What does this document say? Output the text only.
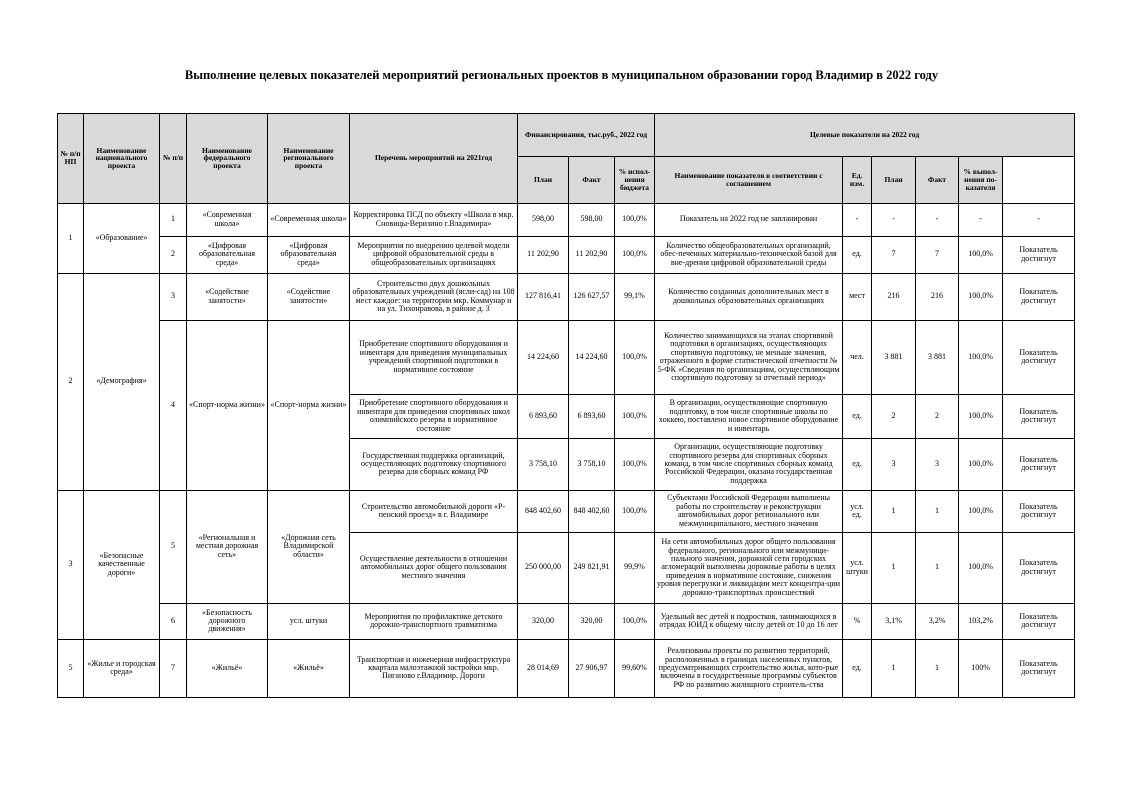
Выполнение целевых показателей мероприятий региональных проектов в муниципальном образовании город Владимир в 2022 году
№ п/п НП	Наименование национального проекта	№ п/п	Наименование федерального проекта	Наименование регионального проекта	Перечень мероприятий на 2021год	Финансирования, тыс.руб., 2022 год			Целевые показатели на 2022 год	
						План	Факт	% испол-нения бюджета	Наименование показателя в соответствии с соглашением	Ед. изм.	План	Факт	% выпол-нения по-казателя		
1	«Образование»	1	«Современная школа»	«Современная школа»	Корректировка ПСД по объекту «Школа в мкр. Сновицы-Веризино г.Владимира»	598,00	598,00	100,0%	Показатель на 2022 год не запланирован	-	-	-	-	-	
		2	«Цифровая образовательная среда»	«Цифровая образовательная среда»	Мероприятия по внедрению целевой модели цифровой образовательной среды в общеобразовательных организациях	11 202,90	11 202,90	100,0%	Количество общеобразовательных организаций, обес-печенных материально-технической базой для вне-дрения цифровой образовательной среды	ед.	7	7	100,0%	Показатель достигнут	
2	«Демография»	3	«Содействие занятости»	«Содействие занятости»	Строительство двух дошкольных образовательных учреждений (ясли-сад) на 108 мест каждое: на территории мкр. Коммунар и на ул. Тихонравова, в районе д. 3	127 816,41	126 627,57	99,1%	Количество созданных дополнительных мест в дошкольных образовательных организациях	мест	216	216	100,0%	Показатель достигнут	
		4	«Спорт-норма жизни»	«Спорт-норма жизни»	Приобретение спортивного оборудования и инвентаря для приведения муниципальных учреждений спортивной подготовки в нормативное состояние	14 224,60	14 224,60	100,0%	Количество занимающихся на этапах спортивной подготовки в организациях, осуществляющих спортивную подготовку, не меньше значения, отраженного в форме статистической отчетности № 5-ФК «Сведения по организациям, осуществляющим спортивную подготовку за отчетный период»	чел.	3 881	3 881	100,0%	Показатель достигнут	
					Приобретение спортивного оборудования и инвентаря для приведения спортивных школ олимпийского резерва в нормативное состояние	6 893,60	6 893,60	100,0%	В организации, осуществляющие спортивную подготовку, в том числе спортивные школы по хоккею, поставлено новое спортивное оборудование и инвентарь	ед.	2	2	100,0%	Показатель достигнут	
					Государственная поддержка организаций, осуществляющих подготовку спортивного резерва для сборных команд РФ	3 758,10	3 758,10	100,0%	Организации, осуществляющие подготовку спортивного резерва для спортивных сборных команд, в том числе спортивных сборных команд Российской Федерации, оказана государственная поддержка	ед.	3	3	100,0%	Показатель достигнут	
3	«Безопасные качественные дороги»	5	«Региональная и местная дорожная сеть»	«Дорожная сеть Владимирской области»	Строительство автомобильной дороги «Р-пенский проезд» в г. Владимире	848 402,60	848 402,60	100,0%	Субъектами Российской Федерации выполнены работы по строительству и реконструкции автомобильных дорог регионального или межмуниципального, местного значения	усл. ед.	1	1	100,0%	Показатель достигнут	
					Осуществление деятельности в отношении автомобильных дорог общего пользования местного значения	250 000,00	249 821,91	99,9%	На сети автомобильных дорог общего пользования федерального, регионального или межмуници-пального значения, дорожной сети городских агломераций выполнены дорожные работы в целях приведения в нормативное состояние, снижения уровня перегрузки и ликвидации мест концентра-ции дорожно-транспортных происшествий	усл. штуки	1	1	100,0%	Показатель достигнут	
		6	«Безопасность дорожного движения»	усл. штуки	Мероприятия по профилактике детского дорожно-транспортного травматизма	320,00	320,00	100,0%	Удельный вес детей и подростков, занимающихся в отрядах ЮИД к общему числу детей от 10 до 16 лет	%	3,1%	3,2%	103,2%	Показатель достигнут	
5	«Жилье и городская среда»	7	«Жильё»	«Жильё»	Транспортная и инженерная инфраструктура квартала малоэтажной застройки мкр. Пиганово г.Владимир. Дороги	28 014,69	27 906,97	99,60%	Реализованы проекты по развитию территорий, расположенных в границах населенных пунктов, предусматривающих строительство жилья, кото-рые включены в государственные программы субъектов РФ по развитию жилищного строитель-ства	ед.	1	1	100%	Показатель достигнут	
